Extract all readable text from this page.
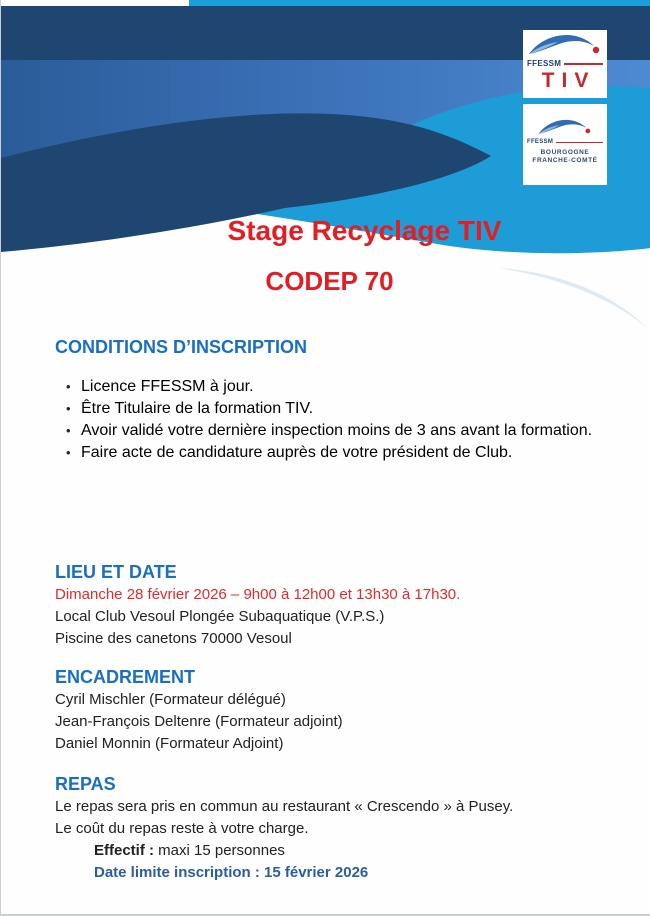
FFESSM
TIV
FFESSM
BOURGOGNE
FRANCHE-COMTÉ
Stage Recyclage TIV
CODEP 70
CONDITIONS D’INSCRIPTION
• Licence FFESSM à jour.
• Être Titulaire de la formation TIV.
• Avoir validé votre dernière inspection moins de 3 ans avant la formation.
• Faire acte de candidature auprès de votre président de Club.
LIEU ET DATE
Dimanche 28 février 2026 – 9h00 à 12h00 et 13h30 à 17h30.
Local Club Vesoul Plongée Subaquatique (V.P.S.)
Piscine des canetons 70000 Vesoul
ENCADREMENT
Cyril Mischler (Formateur délégué)
Jean-François Deltenre (Formateur adjoint)
Daniel Monnin (Formateur Adjoint)
REPAS
Le repas sera pris en commun au restaurant « Crescendo » à Pusey.
Le coût du repas reste à votre charge.
Effectif : maxi 15 personnes
Date limite inscription : 15 février 2026
